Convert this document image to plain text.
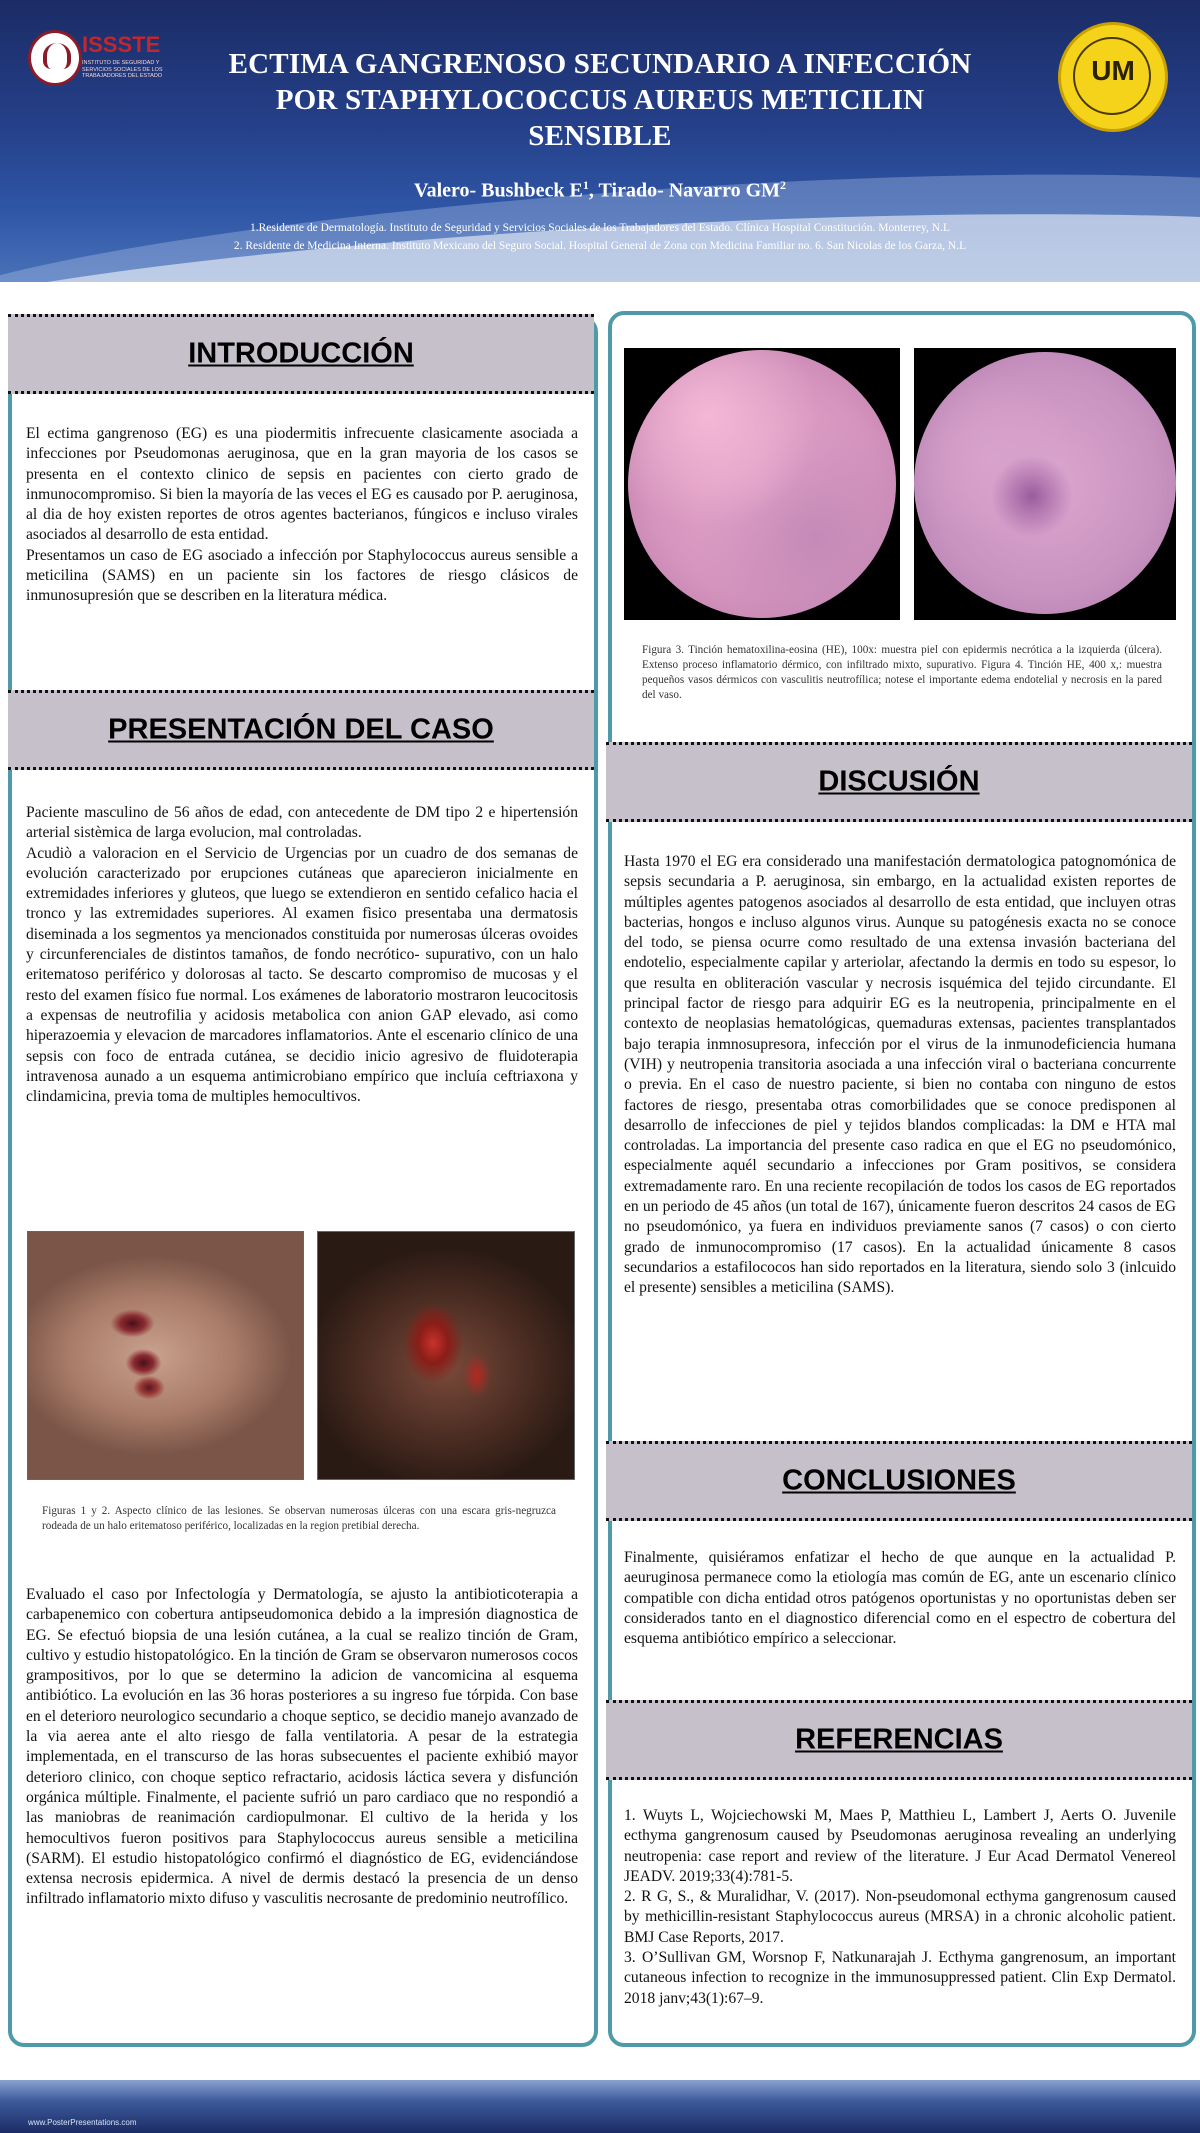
ISSSTE
INSTITUTO DE SEGURIDAD Y SERVICIOS SOCIALES DE LOS TRABAJADORES DEL ESTADO	UM
ECTIMA GANGRENOSO SECUNDARIO A INFECCIÓN
POR STAPHYLOCOCCUS AUREUS METICILIN
SENSIBLE
Valero- Bushbeck $E^1$, Tirado- Navarro $GM^2$
1.Residente de Dermatología. Instituto de Seguridad y Servicios Sociales de los Trabajadores del Estado. Clínica Hospital Constitución. Monterrey, N.L
2. Residente de Medicina Interna. Instituto Mexicano del Seguro Social. Hospital General de Zona con Medicina Familiar no. 6. San Nicolas de los Garza, N.L
INTRODUCCIÓN

El ectima gangrenoso (EG) es una piodermitis infrecuente clasicamente asociada a infecciones por Pseudomonas aeruginosa, que en la gran mayoria de los casos se presenta en el contexto clinico de sepsis en pacientes con cierto grado de inmunocompromiso. Si bien la mayoría de las veces el EG es causado por P. aeruginosa, al dia de hoy existen reportes de otros agentes bacterianos, fúngicos e incluso virales asociados al desarrollo de esta entidad.

Presentamos un caso de EG asociado a infección por Staphylococcus aureus sensible a meticilina (SAMS) en un paciente sin los factores de riesgo clásicos de inmunosupresión que se describen en la literatura médica.

PRESENTACIÓN DEL CASO

Paciente masculino de 56 años de edad, con antecedente de DM tipo 2 e hipertensión arterial sistèmica de larga evolucion, mal controladas.

Acudiò a valoracion en el Servicio de Urgencias por un cuadro de dos semanas de evolución caracterizado por erupciones cutáneas que aparecieron inicialmente en extremidades inferiores y gluteos, que luego se extendieron en sentido cefalico hacia el tronco y las extremidades superiores. Al examen fìsico presentaba una dermatosis diseminada a los segmentos ya mencionados constituida por numerosas úlceras ovoides y circunferenciales de distintos tamaños, de fondo necrótico- supurativo, con un halo eritematoso periférico y dolorosas al tacto. Se descarto compromiso de mucosas y el resto del examen físico fue normal. Los exámenes de laboratorio mostraron leucocitosis a expensas de neutrofilia y acidosis metabolica con anion GAP elevado, asi como hiperazoemia y elevacion de marcadores inflamatorios. Ante el escenario clínico de una sepsis con foco de entrada cutánea, se decidio inicio agresivo de fluidoterapia intravenosa aunado a un esquema antimicrobiano empírico que incluía ceftriaxona y clindamicina, previa toma de multiples hemocultivos.

Figuras 1 y 2. Aspecto clínico de las lesiones. Se observan numerosas úlceras con una escara gris-negruzca rodeada de un halo eritematoso periférico, localizadas en la region pretibial derecha.

Evaluado el caso por Infectología y Dermatología, se ajusto la antibioticoterapia a carbapenemico con cobertura antipseudomonica debido a la impresión diagnostica de EG. Se efectuó biopsia de una lesión cutánea, a la cual se realizo tinción de Gram, cultivo y estudio histopatológico. En la tinción de Gram se observaron numerosos cocos grampositivos, por lo que se determino la adicion de vancomicina al esquema antibiótico. La evolución en las 36 horas posteriores a su ingreso fue tórpida. Con base en el deterioro neurologico secundario a choque septico, se decidio manejo avanzado de la via aerea ante el alto riesgo de falla ventilatoria. A pesar de la estrategia implementada, en el transcurso de las horas subsecuentes el paciente exhibió mayor deterioro clinico, con choque septico refractario, acidosis láctica severa y disfunción orgánica múltiple. Finalmente, el paciente sufrió un paro cardiaco que no respondió a las maniobras de reanimación cardiopulmonar. El cultivo de la herida y los hemocultivos fueron positivos para Staphylococcus aureus sensible a meticilina (SARM). El estudio histopatológico confirmó el diagnóstico de EG, evidenciándose extensa necrosis epidermica. A nivel de dermis destacó la presencia de un denso infiltrado inflamatorio mixto difuso y vasculitis necrosante de predominio neutrofílico.

Figura 3. Tinción hematoxilina-eosina (HE), 100x: muestra piel con epidermis necrótica a la izquierda (úlcera). Extenso proceso inflamatorio dérmico, con infiltrado mixto, supurativo. Figura 4. Tinción HE, 400 x,: muestra pequeños vasos dérmicos con vasculitis neutrofílica; notese el importante edema endotelial y necrosis en la pared del vaso.
DISCUSIÓN

Hasta 1970 el EG era considerado una manifestación dermatologica patognomónica de sepsis secundaria a P. aeruginosa, sin embargo, en la actualidad existen reportes de múltiples agentes patogenos asociados al desarrollo de esta entidad, que incluyen otras bacterias, hongos e incluso algunos virus. Aunque su patogénesis exacta no se conoce del todo, se piensa ocurre como resultado de una extensa invasión bacteriana del endotelio, especialmente capilar y arteriolar, afectando la dermis en todo su espesor, lo que resulta en obliteración vascular y necrosis isquémica del tejido circundante. El principal factor de riesgo para adquirir EG es la neutropenia, principalmente en el contexto de neoplasias hematológicas, quemaduras extensas, pacientes transplantados bajo terapia inmnosupresora, infección por el virus de la inmunodeficiencia humana (VIH) y neutropenia transitoria asociada a una infección viral o bacteriana concurrente o previa. En el caso de nuestro paciente, si bien no contaba con ninguno de estos factores de riesgo, presentaba otras comorbilidades que se conoce predisponen al desarrollo de infecciones de piel y tejidos blandos complicadas: la DM e HTA mal controladas. La importancia del presente caso radica en que el EG no pseudomónico, especialmente aquél secundario a infecciones por Gram positivos, se considera extremadamente raro. En una reciente recopilación de todos los casos de EG reportados en un periodo de 45 años (un total de 167), únicamente fueron descritos 24 casos de EG no pseudomónico, ya fuera en individuos previamente sanos (7 casos) o con cierto grado de inmunocompromiso (17 casos). En la actualidad únicamente 8 casos secundarios a estafilococos han sido reportados en la literatura, siendo solo 3 (inlcuido el presente) sensibles a meticilina (SAMS).

CONCLUSIONES

Finalmente, quisiéramos enfatizar el hecho de que aunque en la actualidad P. aeuruginosa permanece como la etiología mas común de EG, ante un escenario clínico compatible con dicha entidad otros patógenos oportunistas y no oportunistas deben ser considerados tanto en el diagnostico diferencial como en el espectro de cobertura del esquema antibiótico empírico a seleccionar.

REFERENCIAS

1. Wuyts L, Wojciechowski M, Maes P, Matthieu L, Lambert J, Aerts O. Juvenile ecthyma gangrenosum caused by Pseudomonas aeruginosa revealing an underlying neutropenia: case report and review of the literature. J Eur Acad Dermatol Venereol JEADV. 2019;33(4):781-5.

2. R G, S., & Muralidhar, V. (2017). Non-pseudomonal ecthyma gangrenosum caused by methicillin-resistant Staphylococcus aureus (MRSA) in a chronic alcoholic patient. BMJ Case Reports, 2017.

3. O’Sullivan GM, Worsnop F, Natkunarajah J. Ecthyma gangrenosum, an important cutaneous infection to recognize in the immunosuppressed patient. Clin Exp Dermatol. 2018 janv;43(1):67–9.

www.PosterPresentations.com
